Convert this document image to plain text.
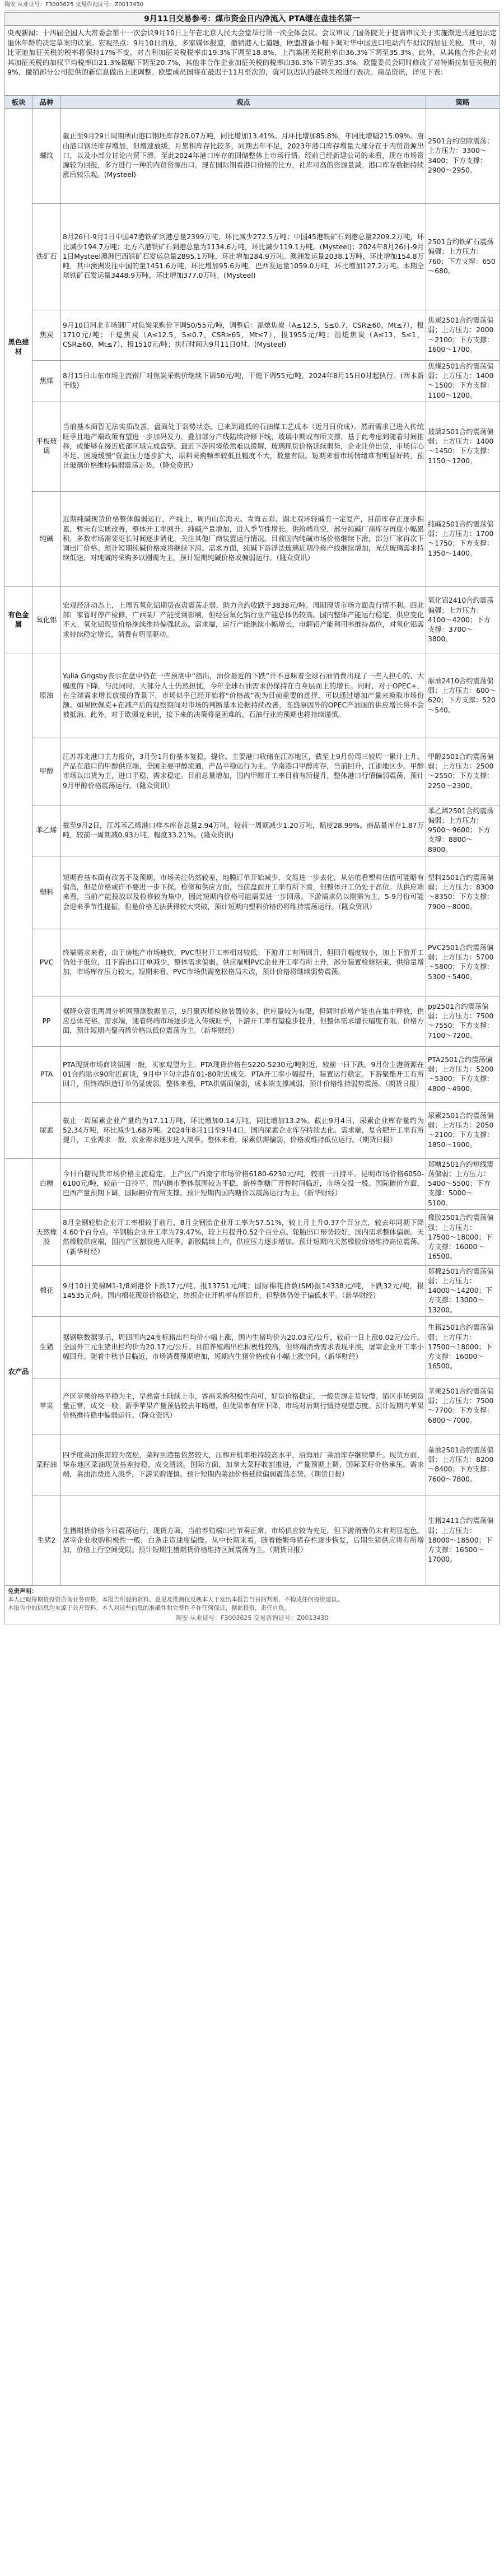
陶安 从业证号：F3003625 交易咨询证号：Z0013430
9月11日交易参考：煤市资金日内净流入 PTA继在盘挂名第一
央视新闻：十四届全国人大常委会第十一次会议9月10日上午在北京人民大会堂举行第一次全体会议。会议审议了国务院关于提请审议关于实施渐进式延迟法定退休年龄的决定草案的议案。宏观热点：9月10日消息，多家媒体报道，撤销港人七道题，欧盟准备小幅下调对华中国进口电动汽车拟议的加征关税。其中，对比亚迪加征关税的税率将保持17%不变，对吉利加征关税税率由19.3%下调至18.8%，上汽集团关税税率由36.3%下调至35.3%。此外，从其他合作企业对其加征关税的加权平均税率由21.3%微幅下调至20.7%，其他非合作企业加征关税的税率由36.3%下调至35.3%。欧盟委员会同时修改了对特斯拉加征关税的9%，撤销部分公司提供的新信息做出上述调整。欧盟成员国将在最迟于11月至次的，就可以迟认的最终关税进行表决。商品资讯，详见下表：
板块	品种	观点	策略
黑色建材	螺纹	截止至9月29日周期所山港口钢坯库存28.07万吨，同比增加13.41%。月环比增加85.8%，年同比增幅215.09%。唐山港口钢坯库存增加，但增速放缓，月累积库存比较多，同期去年不足，2023年港口库存增量大部分在于内贸资源出口，以及小部分讨论内贸下滑。至此2024年港口库存的回储整体上市场行情。经前已经新建公司的来看，现在市场资源较为回报，多方进行一种的内贸资源出口。现在国际期看港口价格的比方，社库可高的资源量减。港口库存数据持续涨后较乐观。(Mysteel)	2501合约空隙震荡；上方压力：3300～3400；下方支撑：2900～2950。
	铁矿石	8月26日-9月1日中国47港铁矿到港总量2399万吨，环比减少272.5万吨；中国45港铁矿石到港总量2209.2万吨，环比减少194.7万吨；北方六港铁矿石到港总量为1134.6万吨，环比减少119.1万吨。(Mysteel)；2024年8月26日-9月1日Mysteel澳洲巴西铁矿石发运总量2895.1万吨，环比增加284.9万吨。澳洲发运量2038.1万吨，环比增加154.8万吨，其中澳洲发往中国的量1451.6万吨，环比增加95.6万吨。巴西发运量1059.0万吨，环比增加127.2万吨。本期全球铁矿石发运量3448.9万吨，环比增加377.0万吨。(Mysteel)	2501合约铁矿石震荡偏强；上方压力：760；下方支撑：650～680。
	焦炭	9月10日河北市场钢厂对焦炭采购价下调50/55元/吨，调整后：湿熄焦炭（A≤12.5，S≤0.7，CSR≥60，Mt≤7），报1710元/吨；干熄焦炭（A≤12.5，S≤0.7，CSR≥65，Mt≤7），报1955元/吨；湿熄焦炭（A≤13，S≤1，CSR≥60，Mt≤7），报1510元/吨；执行时间为9月11日0时。(Mysteel)	焦炭2501合约震荡偏弱；上方压力：2000～2100；下方支撑：1600～1700。
	焦煤	8月15日山东市场主流钢厂对焦炭采购价继续下调50元/吨，干熄下调55元/吨，2024年8月15日0时起执行。(西本新干线)	焦煤2501合约震荡偏弱；上方压力：1400～1500；下方支撑：1100～1200。
	平板玻璃	当前基本面暂无法实质改善，盘面处于弱势状态，已来到最低的石油煤工艺成本（近月日价成）。然而需求已进入传统旺季且地产端政策有望进一步加码发力，叠加部分产线陆续冷修下线，玻璃中期或有所支撑，基于此考虑到随着时间推移，或能够在接近底部区域完成盘整。最近下游困境依然难以缓解，玻璃现货价格延续弱势，企业让价出货，市场信心不足。困境缓慢“资金压力逐步扩大，原料采购频率较低且幅度不大，数量有限。短期来看市场情绪难有明显好转，预计玻璃价格维持偏弱震荡走势。（隆众资讯）	玻璃2501合约震荡偏弱；上方压力：1400～1450；下方支撑：1150～1200。
	纯碱	近期纯碱现货价格整体偏弱运行，产线上，周内山东海天、青海五彩、湖北双环轻碱有一定复产，目前库存正逐步积累，暂未有实质改善，整体开工率回升。纯碱产量增加，进入季节性增长。供给端利空，部分纯碱厂商库存再度小幅累积，多数市场需要更长时间逐步消化，关注其他厂商装置运行情况。目前国内纯碱市场价格继续下滑，部分厂家再次下调出厂价格。预计短期纯碱价格或将继续下滑。需求方面，纯碱下游浮法玻璃近期冷修产线继续增加，光伏玻璃需求持续低迷，对纯碱的采购多以刚需为主，预计短期纯碱价格或偏弱运行。（隆众资讯）	纯碱2501合约震荡偏弱；上方压力：1700～1750；下方支撑：1350～1400。
有色金属	氧化铝	宏观经济动态上，上周五氧化铝期货夜盘震荡走弱，助力合约收跌于3838元/吨。周期现货市场方面盘行情不利。四北部厂家暂时停产检修，广西某厂产能受到影响，但经营氧化铝行业产能总体仍较高。国内整体产能运行稳定，供应变化不大。氧化铝现货价格继续维持偏强状态。需求端，运行产能继续小幅增长，电解铝产能利用率维持高位，对氧化铝需求持续稳定增长，消费有明显驱动。	氧化铝2410合约震荡偏强；上方压力：4100～4200；下方支撑：3700～3800。
	原油	Yulia Grigsby表示在盘中仍在一些预测中“指出，油价最近的下跌”并不意味着全球石油消费出现了一些人担心的、大幅度的下降，与此同时，大部分人士仍然担忧，今年全球石油需求仍保持在自身层面上的增长。同时，对于OPEC+，在全球需求增长放缓的背景下，市场似乎已经开始将“价格战”视为目前重要的选择，可以通过增加产量来换取市场份额。如果欧佩克+在减产后的观察期间对市场的判断基本论据持续改善，高盛原因外的OPEC产油国的供应增长将不会被抵消。此外，对于欧佩克来说，接下来的决策将是困难的，石油行业的预期也将持续谨慎。	原油2410合约震荡偏弱；上方压力：600～620；下方支撑：520～540。
	甲醇	江苏苏北港口主力报价，3月份1月份基本复稳，提价。主要港口收储在江苏地区，截至上9月份周三较周一累计上升。产品在港口的甲醇供应端，全国主要甲醇流通，产品平稳运行为主。华南港口甲醇库存，当前回升，江浙地区少。甲醇市场以出货为主，进口平稳，需求稳定。目前总量增加，国内甲醇开工率目前有所提升，整体港口行情偏弱震荡，预计9月甲醇价格震荡运行。（隆众资讯）	甲醇2501合约震荡偏弱；上方压力：2500～2550；下方支撑：2250～2300。
	苯乙烯	截至9月2日，江苏苯乙烯港口样本库存总量2.94万吨，较前一周期减少1.20万吨，幅度28.99%。商品量库存1.87万吨，较前一周期减0.93万吨，幅度33.21%。(隆众资讯)	苯乙烯2501合约震荡偏弱；上方压力：9500～9600；下方支撑：8800～8900。
	塑料	短期看基本面有改善不及预期，市场关注仍然较差，地膜订单开始减少，交易进一步去化，从估值看塑料估值可能略有偏高，但是价格或许不要进一步下探。检修和供应方面，当前盘面开工率有所下滑，但整体开工仍处于高位。从供应端来看，当前产能投放以及检修较为集中，因此短期内价格可能需要进一步回落。下游需求仍以刚需为主，5-9月份可能会迎来季节性提振，但是价格无法获得较大突破，预计短期内塑料价格仍将维持震荡运行。（隆众资讯）	塑料2501合约震荡偏弱；上方压力：8300～8350；下方支撑：7900～8000。
	PVC	终端需求来看，由于房地产市场疲软，PVC型材开工率相对较低。下游开工有所回升，但回升幅度较小，加上下游开工仍处于低位，且下游出口订单减少，整体需求偏弱。供应端则PVC企业开工率有所上升，部分装置检修结束，供给量增加，市场库存压力较大。短期来看，PVC市场供需宽松格局未改，预计价格将继续弱势震荡。	PVC2501合约震荡偏弱；上方压力：5700～5800；下方支撑：5300～5400。
	PP	据隆众资讯两周分析网预测数据显示，9月聚丙烯检修装置较多，供应量较为有限，但同时新增产能也在集中释放，供应总体充裕。需求端，随着终端市场逐步进入传统旺季，下游开工率有望稳步提升，但整体需求增长幅度有限。价格方面，预计短期内聚丙烯价格以低位震荡为主。（新华财经）	pp2501合约震荡偏弱；上方压力：7500～7550；下方支撑：7100～7200。
	PTA	PTA现货市场商谈氛围一般，买家观望为主。PTA现货价格在5220-5230元/吨附近，较前一日下跌。9月份主港货源在01合约贴水90附近商谈，9月中下旬主港在01-80附近成交。PTA开工率小幅提升，装置运行稳定。下游聚酯开工有所回升，但终端织造订单仍显疲弱。整体来看，PTA供需面偏弱，成本端支撑减弱，预计价格维持弱势震荡。（期货日报）	PTA2501合约震荡偏弱；上方压力：5200～5300；下方支撑：4800～4900。
	尿素	截止一周尿素企业产量约为17.11万吨，环比增加0.14万吨，同比增加13.2%。截止9月4日，尿素企业库存量约为52.34万吨，环比减少1.68万吨。2024年8月1日至9月4日，国内尿素企业库存持续去化。需求端，复合肥开工率有所提升，工业需求一般，农业需求逐步进入淡季。整体来看，尿素供需偏弱，价格或维持低位运行。（期货日报）	尿素2501合约震荡偏弱；上方压力：2050～2100；下方支撑：1850～1900。
农产品	白糖	今日白糖现货市场价格主流稳定，上产区广西南宁市场价格6180-6230元/吨，较前一日持平。昆明市场价格6050-6100元/吨，较前一日持平。国内糖市整体氛围较为平稳，新榨季糖厂开榨时间临近，市场交投一般。国际糖价方面，巴西产量预期下调，国际糖价有所支撑。预计短期内国内糖价以震荡运行为主。（新华财经）	郑糖2501合约短线震荡偏弱；上方压力：5400～5500；下方支撑：5000～5100。
	天然橡胶	8月全钢轮胎企业开工率相较于前月，8月全钢胎企业开工率为57.51%，较上月上升0.37个百分点，较去年同期下降4.60个百分点。半钢胎企业开工率为79.47%，较上月提升0.52个百分点。轮胎出口形势较好，国内需求整体偏弱。天然橡胶供应端，国内产区割胶进入旺季，新胶陆续上市，供应压力逐步增加。预计短期内天然橡胶价格维持高位震荡。（新华财经）	橡胶2501合约震荡偏强；上方压力：17500～18000；下方支撑：16000～16500。
	棉花	9月10日美棉M1-1/8到港价下跌17元/吨，报13751元/吨；国际棉花指数(SM)报14338元/吨，下跌32元/吨，报14535元/吨。国内棉花现货价格稳定，纺织企业开机率有所回升，但整体仍处于偏低水平。（新华财经）	郑棉2501合约震荡偏弱；上方压力：14000～14200；下方支撑：13000～13200。
	生猪	据钢联数据显示，周四国内24度标猪出栏均价小幅上涨，国内生猪均价为20.03元/公斤，较前一日上涨0.02元/公斤。全国外三元生猪出栏均价为20.17元/公斤。目前养殖端出栏积极性较高，但终端消费需求表现平淡，屠宰企业开工率小幅回升。随着中秋节日临近，市场消费预期增加，短期内生猪价格或有小幅上涨空间。（新华财经）	生猪2501合约震荡偏弱；上方压力：17500～18000；下方支撑：16000～16500。
	苹果	产区苹果价格平稳为主，早熟富士陆续上市，客商采购积极性尚可，好货价格稳定，一般货源走货较慢。销区市场到货量正常，成交一般。新季苹果产量预估较去年略增，但优果率有所下降，市场对后期行情持观望态度。预计短期内苹果价格维持稳中偏弱运行。（隆众资讯）	苹果2501合约震荡偏弱；上方压力：7500～7700；下方支撑：6800～7000。
	菜籽油	四季度菜油供需较为宽松，菜籽到港量依然较大，压榨开机率维持较高水平，沿海油厂菜油库存继续攀升。现货方面，华东地区菜油现货基差持稳，成交清淡。国际方面，加拿大菜籽收割推进，产量预期上调，国际菜籽价格承压。需求端，菜油消费进入淡季，下游采购谨慎。预计短期内菜油价格延续偏弱震荡态势。（期货日报）	菜油2501合约震荡偏弱；上方压力：8200～8400；下方支撑：7600～7800。
	生猪2	生猪期货价格今日震荡运行，现货方面，当前养殖端出栏节奏正常，市场供应较为充足，但下游消费仍未有明显起色。屠宰企业收购积极性一般，白条走货速度偏慢。从中长期来看，随着能繁母猪存栏逐步恢复，后期生猪供应将有所增加，价格上行空间受限。预计短期生猪期货价格维持区间震荡为主。（期货日报）	生猪2411合约震荡偏弱；上方压力：18000～18500；下方支撑：16500～17000。
免责声明：

本人已取得期货投资咨询业务资格，本报告所载的资料、意见及推测仅反映本人于发出本报告当日的判断，不构成任何投资建议。

本报告中的信息均来源于公开资料，本人对这些信息的准确性和完整性不作任何保证，据此投资，责任自负。

陶安 从业证号：F3003625 交易咨询证号：Z0013430
